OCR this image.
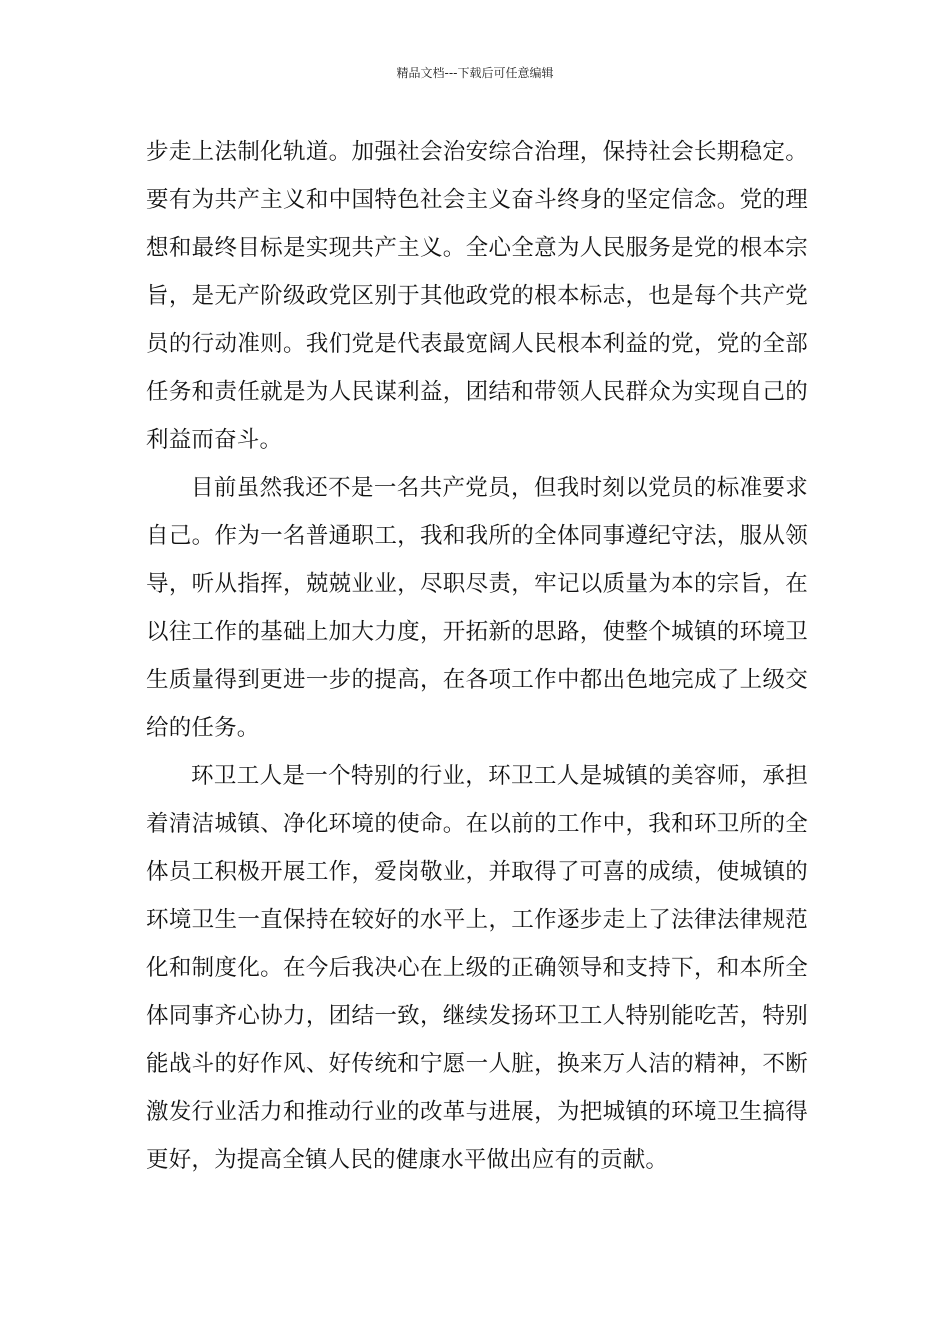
精品文档---下载后可任意编辑

步走上法制化轨道。加强社会治安综合治理，保持社会长期稳定。要有为共产主义和中国特色社会主义奋斗终身的坚定信念。党的理想和最终目标是实现共产主义。全心全意为人民服务是党的根本宗旨，是无产阶级政党区别于其他政党的根本标志，也是每个共产党员的行动准则。我们党是代表最宽阔人民根本利益的党，党的全部任务和责任就是为人民谋利益，团结和带领人民群众为实现自己的利益而奋斗。

目前虽然我还不是一名共产党员，但我时刻以党员的标准要求自己。作为一名普通职工，我和我所的全体同事遵纪守法，服从领导，听从指挥，兢兢业业，尽职尽责，牢记以质量为本的宗旨，在以往工作的基础上加大力度，开拓新的思路，使整个城镇的环境卫生质量得到更进一步的提高，在各项工作中都出色地完成了上级交给的任务。

环卫工人是一个特别的行业，环卫工人是城镇的美容师，承担着清洁城镇、净化环境的使命。在以前的工作中，我和环卫所的全体员工积极开展工作，爱岗敬业，并取得了可喜的成绩，使城镇的环境卫生一直保持在较好的水平上，工作逐步走上了法律法律规范化和制度化。在今后我决心在上级的正确领导和支持下，和本所全体同事齐心协力，团结一致，继续发扬环卫工人特别能吃苦，特别能战斗的好作风、好传统和宁愿一人脏，换来万人洁的精神，不断激发行业活力和推动行业的改革与进展，为把城镇的环境卫生搞得更好，为提高全镇人民的健康水平做出应有的贡献。
